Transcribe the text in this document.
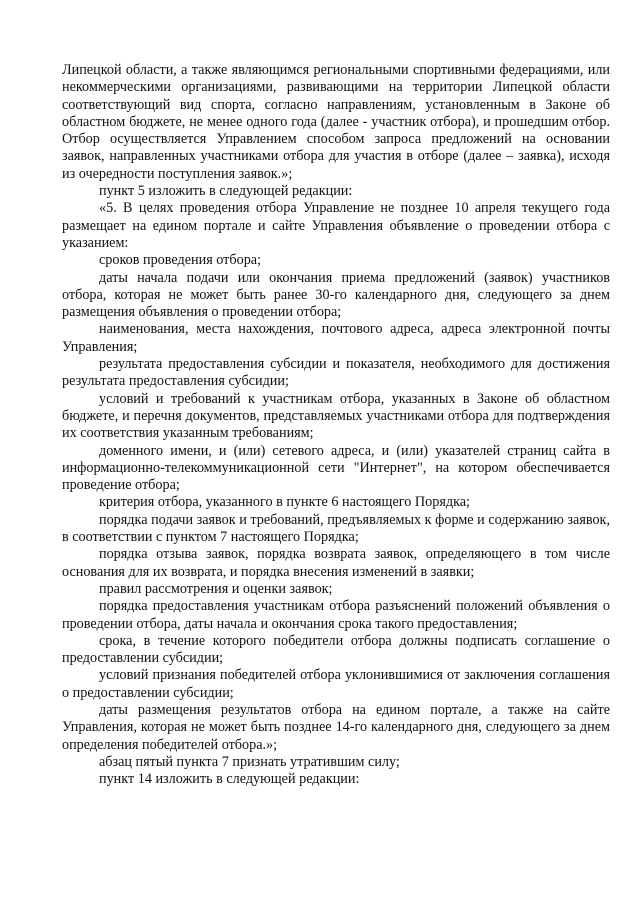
Липецкой области, а также являющимся региональными спортивными федерациями, или некоммерческими организациями, развивающими на территории Липецкой области соответствующий вид спорта, согласно направлениям, установленным в Законе об областном бюджете, не менее одного года (далее - участник отбора), и прошедшим отбор. Отбор осуществляется Управлением способом запроса предложений на основании заявок, направленных участниками отбора для участия в отборе (далее – заявка), исходя из очередности поступления заявок.»;

пункт 5 изложить в следующей редакции:

«5. В целях проведения отбора Управление не позднее 10 апреля текущего года размещает на едином портале и сайте Управления объявление о проведении отбора с указанием:

сроков проведения отбора;

даты начала подачи или окончания приема предложений (заявок) участников отбора, которая не может быть ранее 30-го календарного дня, следующего за днем размещения объявления о проведении отбора;

наименования, места нахождения, почтового адреса, адреса электронной почты Управления;

результата предоставления субсидии и показателя, необходимого для достижения результата предоставления субсидии;

условий и требований к участникам отбора, указанных в Законе об областном бюджете, и перечня документов, представляемых участниками отбора для подтверждения их соответствия указанным требованиям;

доменного имени, и (или) сетевого адреса, и (или) указателей страниц сайта в информационно-телекоммуникационной сети "Интернет", на котором обеспечивается проведение отбора;

критерия отбора, указанного в пункте 6 настоящего Порядка;

порядка подачи заявок и требований, предъявляемых к форме и содержанию заявок, в соответствии с пунктом 7 настоящего Порядка;

порядка отзыва заявок, порядка возврата заявок, определяющего в том числе основания для их возврата, и порядка внесения изменений в заявки;

правил рассмотрения и оценки заявок;

порядка предоставления участникам отбора разъяснений положений объявления о проведении отбора, даты начала и окончания срока такого предоставления;

срока, в течение которого победители отбора должны подписать соглашение о предоставлении субсидии;

условий признания победителей отбора уклонившимися от заключения соглашения о предоставлении субсидии;

даты размещения результатов отбора на едином портале, а также на сайте Управления, которая не может быть позднее 14-го календарного дня, следующего за днем определения победителей отбора.»;

абзац пятый пункта 7 признать утратившим силу;

пункт 14 изложить в следующей редакции:
